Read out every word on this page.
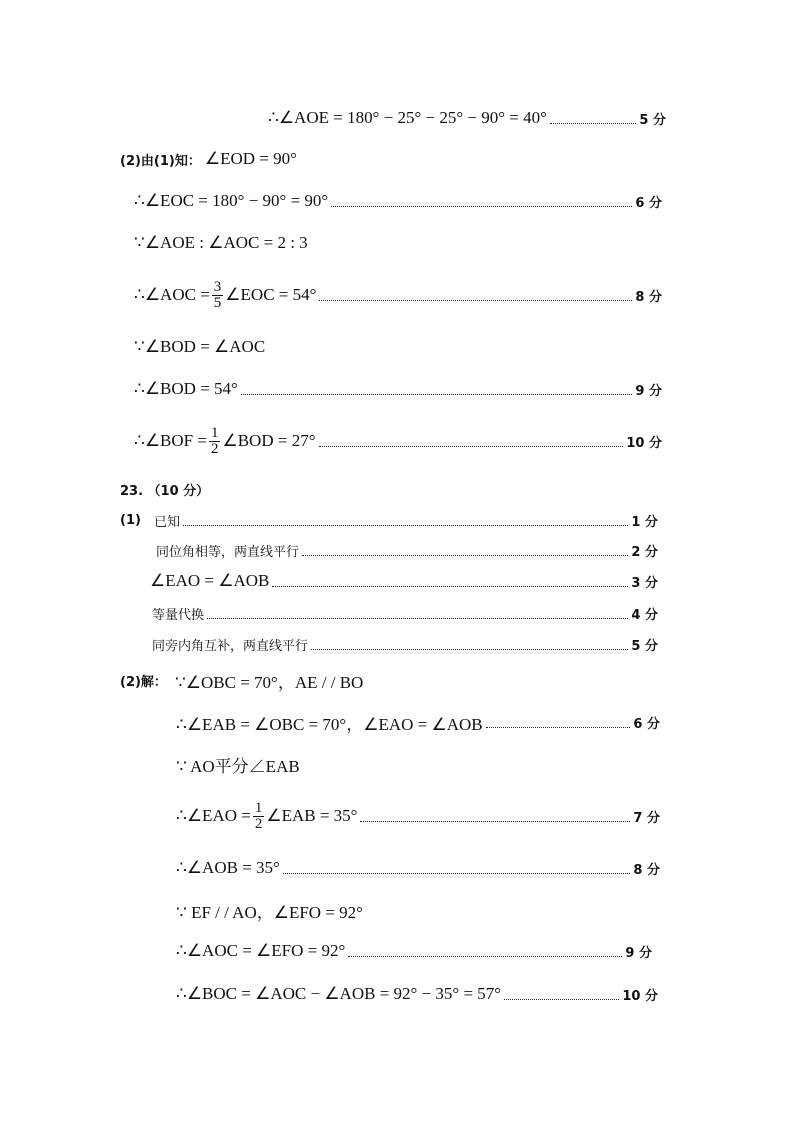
∴∠AOE = 180° − 25° − 25° − 90° = 40°	5 分
(2)由(1)知： ∠EOD = 90°
∴∠EOC = 180° − 90° = 90°	6 分
∵∠AOE : ∠AOC = 2 : 3
∴∠AOC = $\frac{3}{5}$ ∠EOC = 54°	8 分
∵∠BOD = ∠AOC
∴∠BOD = 54°	9 分
∴∠BOF = $\frac{1}{2}$ ∠BOD = 27°	10 分
23. （10 分）
(1)	已知	1 分
同位角相等，两直线平行	2 分
∠EAO = ∠AOB	3 分
等量代换	4 分
同旁内角互补，两直线平行	5 分
(2)解： ∵∠OBC = 70°，AE / / BO
∴∠EAB = ∠OBC = 70°，∠EAO = ∠AOB	6 分
∵ AO平分∠EAB
∴∠EAO = $\frac{1}{2}$ ∠EAB = 35°	7 分
∴∠AOB = 35°	8 分
∵ EF / / AO，∠EFO = 92°
∴∠AOC = ∠EFO = 92°	9 分
∴∠BOC = ∠AOC − ∠AOB = 92° − 35° = 57°	10 分
